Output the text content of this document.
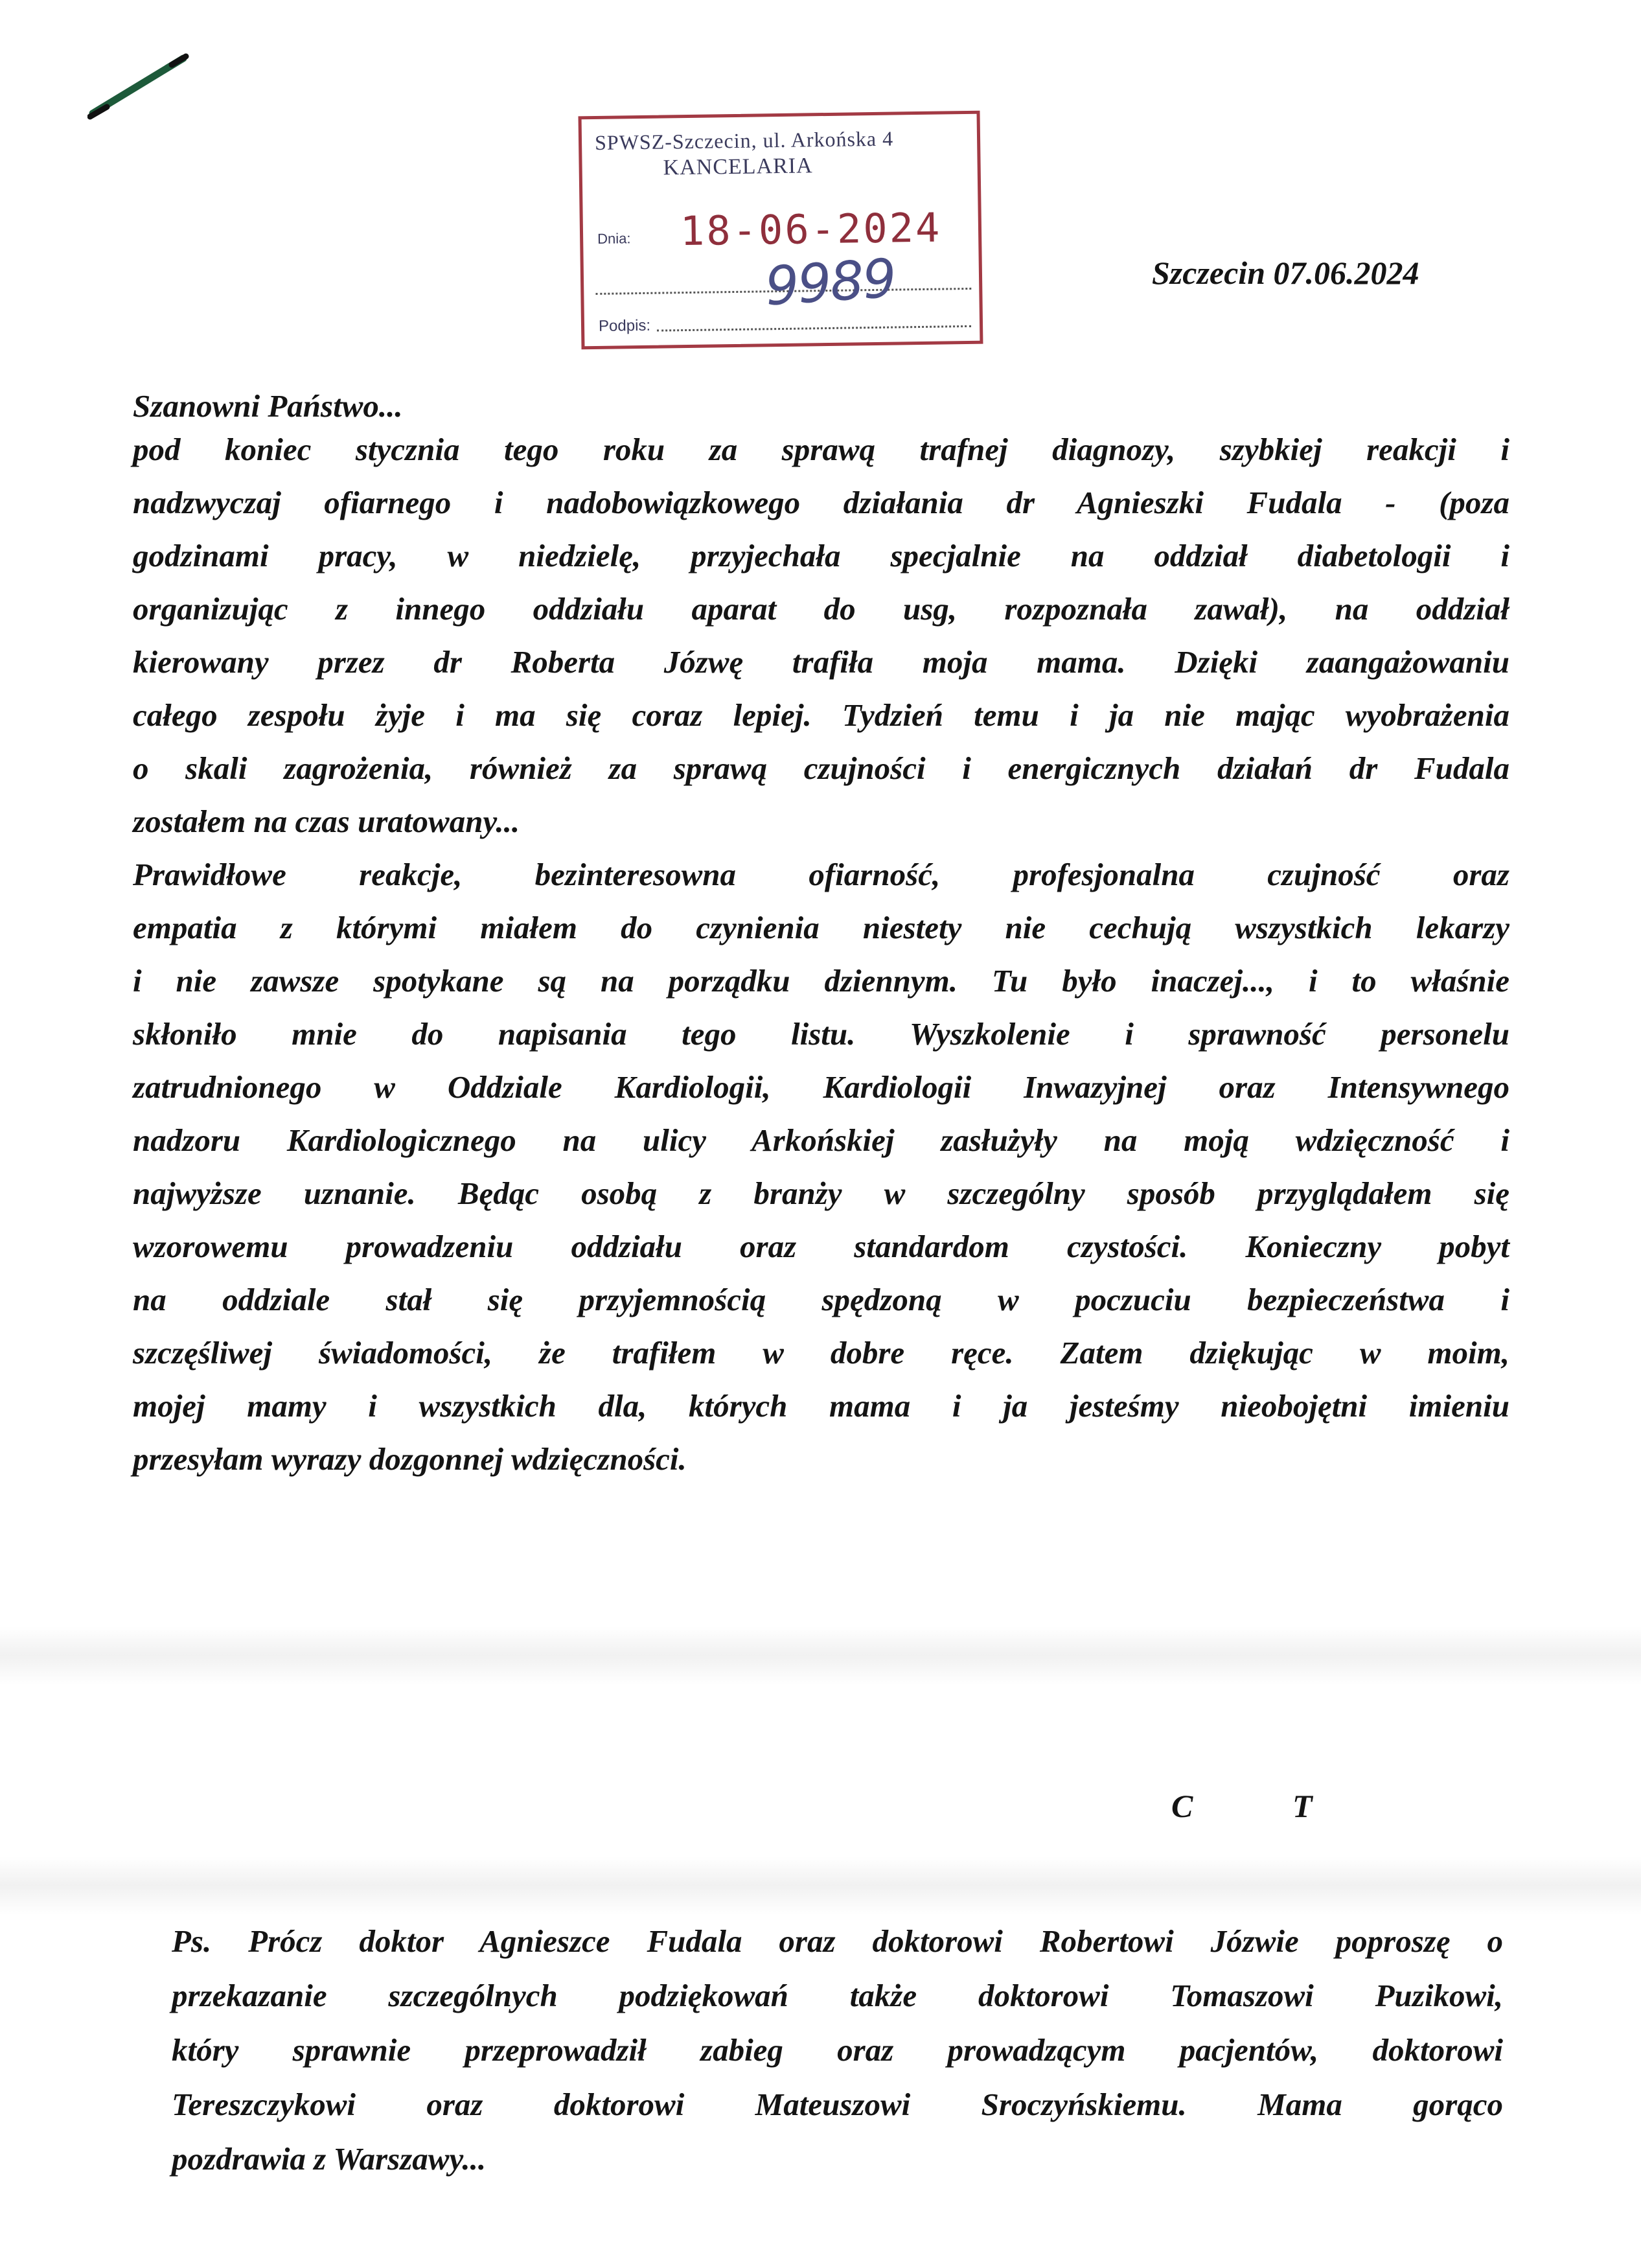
SPWSZ-Szczecin, ul. Arkońska 4
KANCELARIA
Dnia: 18-06-2024
9989
Podpis:
Szczecin 07.06.2024
Szanowni Państwo...
pod koniec stycznia tego roku za sprawą trafnej diagnozy, szybkiej reakcji i
nadzwyczaj ofiarnego i nadobowiązkowego działania dr Agnieszki Fudala - (poza
godzinami pracy, w niedzielę, przyjechała specjalnie na oddział diabetologii i
organizując z innego oddziału aparat do usg, rozpoznała zawał), na oddział
kierowany przez dr Roberta Józwę trafiła moja mama. Dzięki zaangażowaniu
całego zespołu żyje i ma się coraz lepiej. Tydzień temu i ja nie mając wyobrażenia
o skali zagrożenia, również za sprawą czujności i energicznych działań dr Fudala
zostałem na czas uratowany...
Prawidłowe reakcje, bezinteresowna ofiarność, profesjonalna czujność oraz
empatia z którymi miałem do czynienia niestety nie cechują wszystkich lekarzy
i nie zawsze spotykane są na porządku dziennym. Tu było inaczej..., i to właśnie
skłoniło mnie do napisania tego listu. Wyszkolenie i sprawność personelu
zatrudnionego w Oddziale Kardiologii, Kardiologii Inwazyjnej oraz Intensywnego
nadzoru Kardiologicznego na ulicy Arkońskiej zasłużyły na moją wdzięczność i
najwyższe uznanie. Będąc osobą z branży w szczególny sposób przyglądałem się
wzorowemu prowadzeniu oddziału oraz standardom czystości. Konieczny pobyt
na oddziale stał się przyjemnością spędzoną w poczuciu bezpieczeństwa i
szczęśliwej świadomości, że trafiłem w dobre ręce. Zatem dziękując w moim,
mojej mamy i wszystkich dla, których mama i ja jesteśmy nieobojętni imieniu
przesyłam wyrazy dozgonnej wdzięczności.
C	T
Ps. Prócz doktor Agnieszce Fudala oraz doktorowi Robertowi Józwie poproszę o
przekazanie szczególnych podziękowań także doktorowi Tomaszowi Puzikowi,
który sprawnie przeprowadził zabieg oraz prowadzącym pacjentów, doktorowi
Tereszczykowi oraz doktorowi Mateuszowi Sroczyńskiemu. Mama gorąco
pozdrawia z Warszawy...
